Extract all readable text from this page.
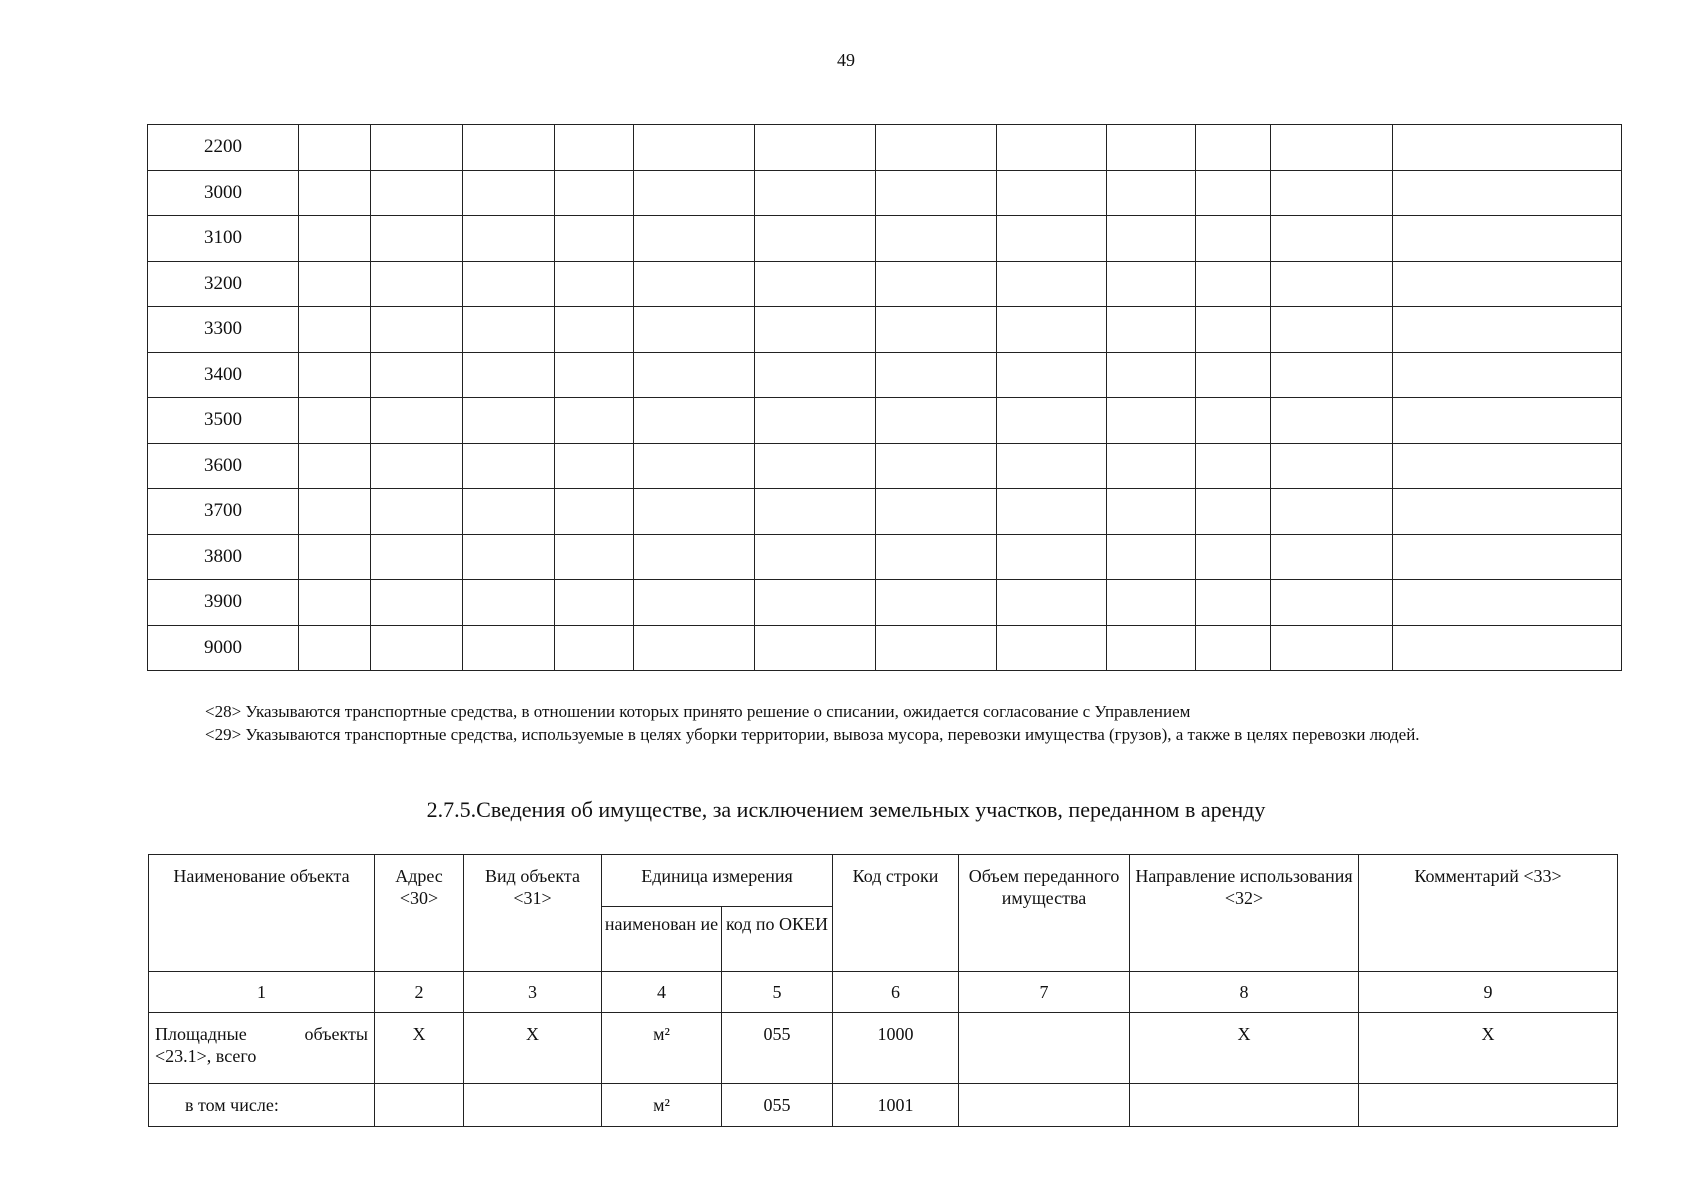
49
2200												
3000												
3100												
3200												
3300												
3400												
3500												
3600												
3700												
3800												
3900												
9000												

<28> Указываются транспортные средства, в отношении которых принято решение о списании, ожидается согласование с Управлением

<29> Указываются транспортные средства, используемые в целях уборки территории, вывоза мусора, перевозки имущества (грузов), а также в целях перевозки людей.

2.7.5.Сведения об имуществе, за исключением земельных участков, переданном в аренду
Наименование объекта	Адрес <30>	Вид объекта <31>	Единица измерения		Код строки	Объем переданного имущества	Направление использования <32>	Комментарий <33>
			наименован ие	код по ОКЕИ				
1	2	3	4	5	6	7	8	9

Площадные объекты
<23.1>, всего	X	X	м²	055	1000		X	X
в том числе:			м²	055	1001			
